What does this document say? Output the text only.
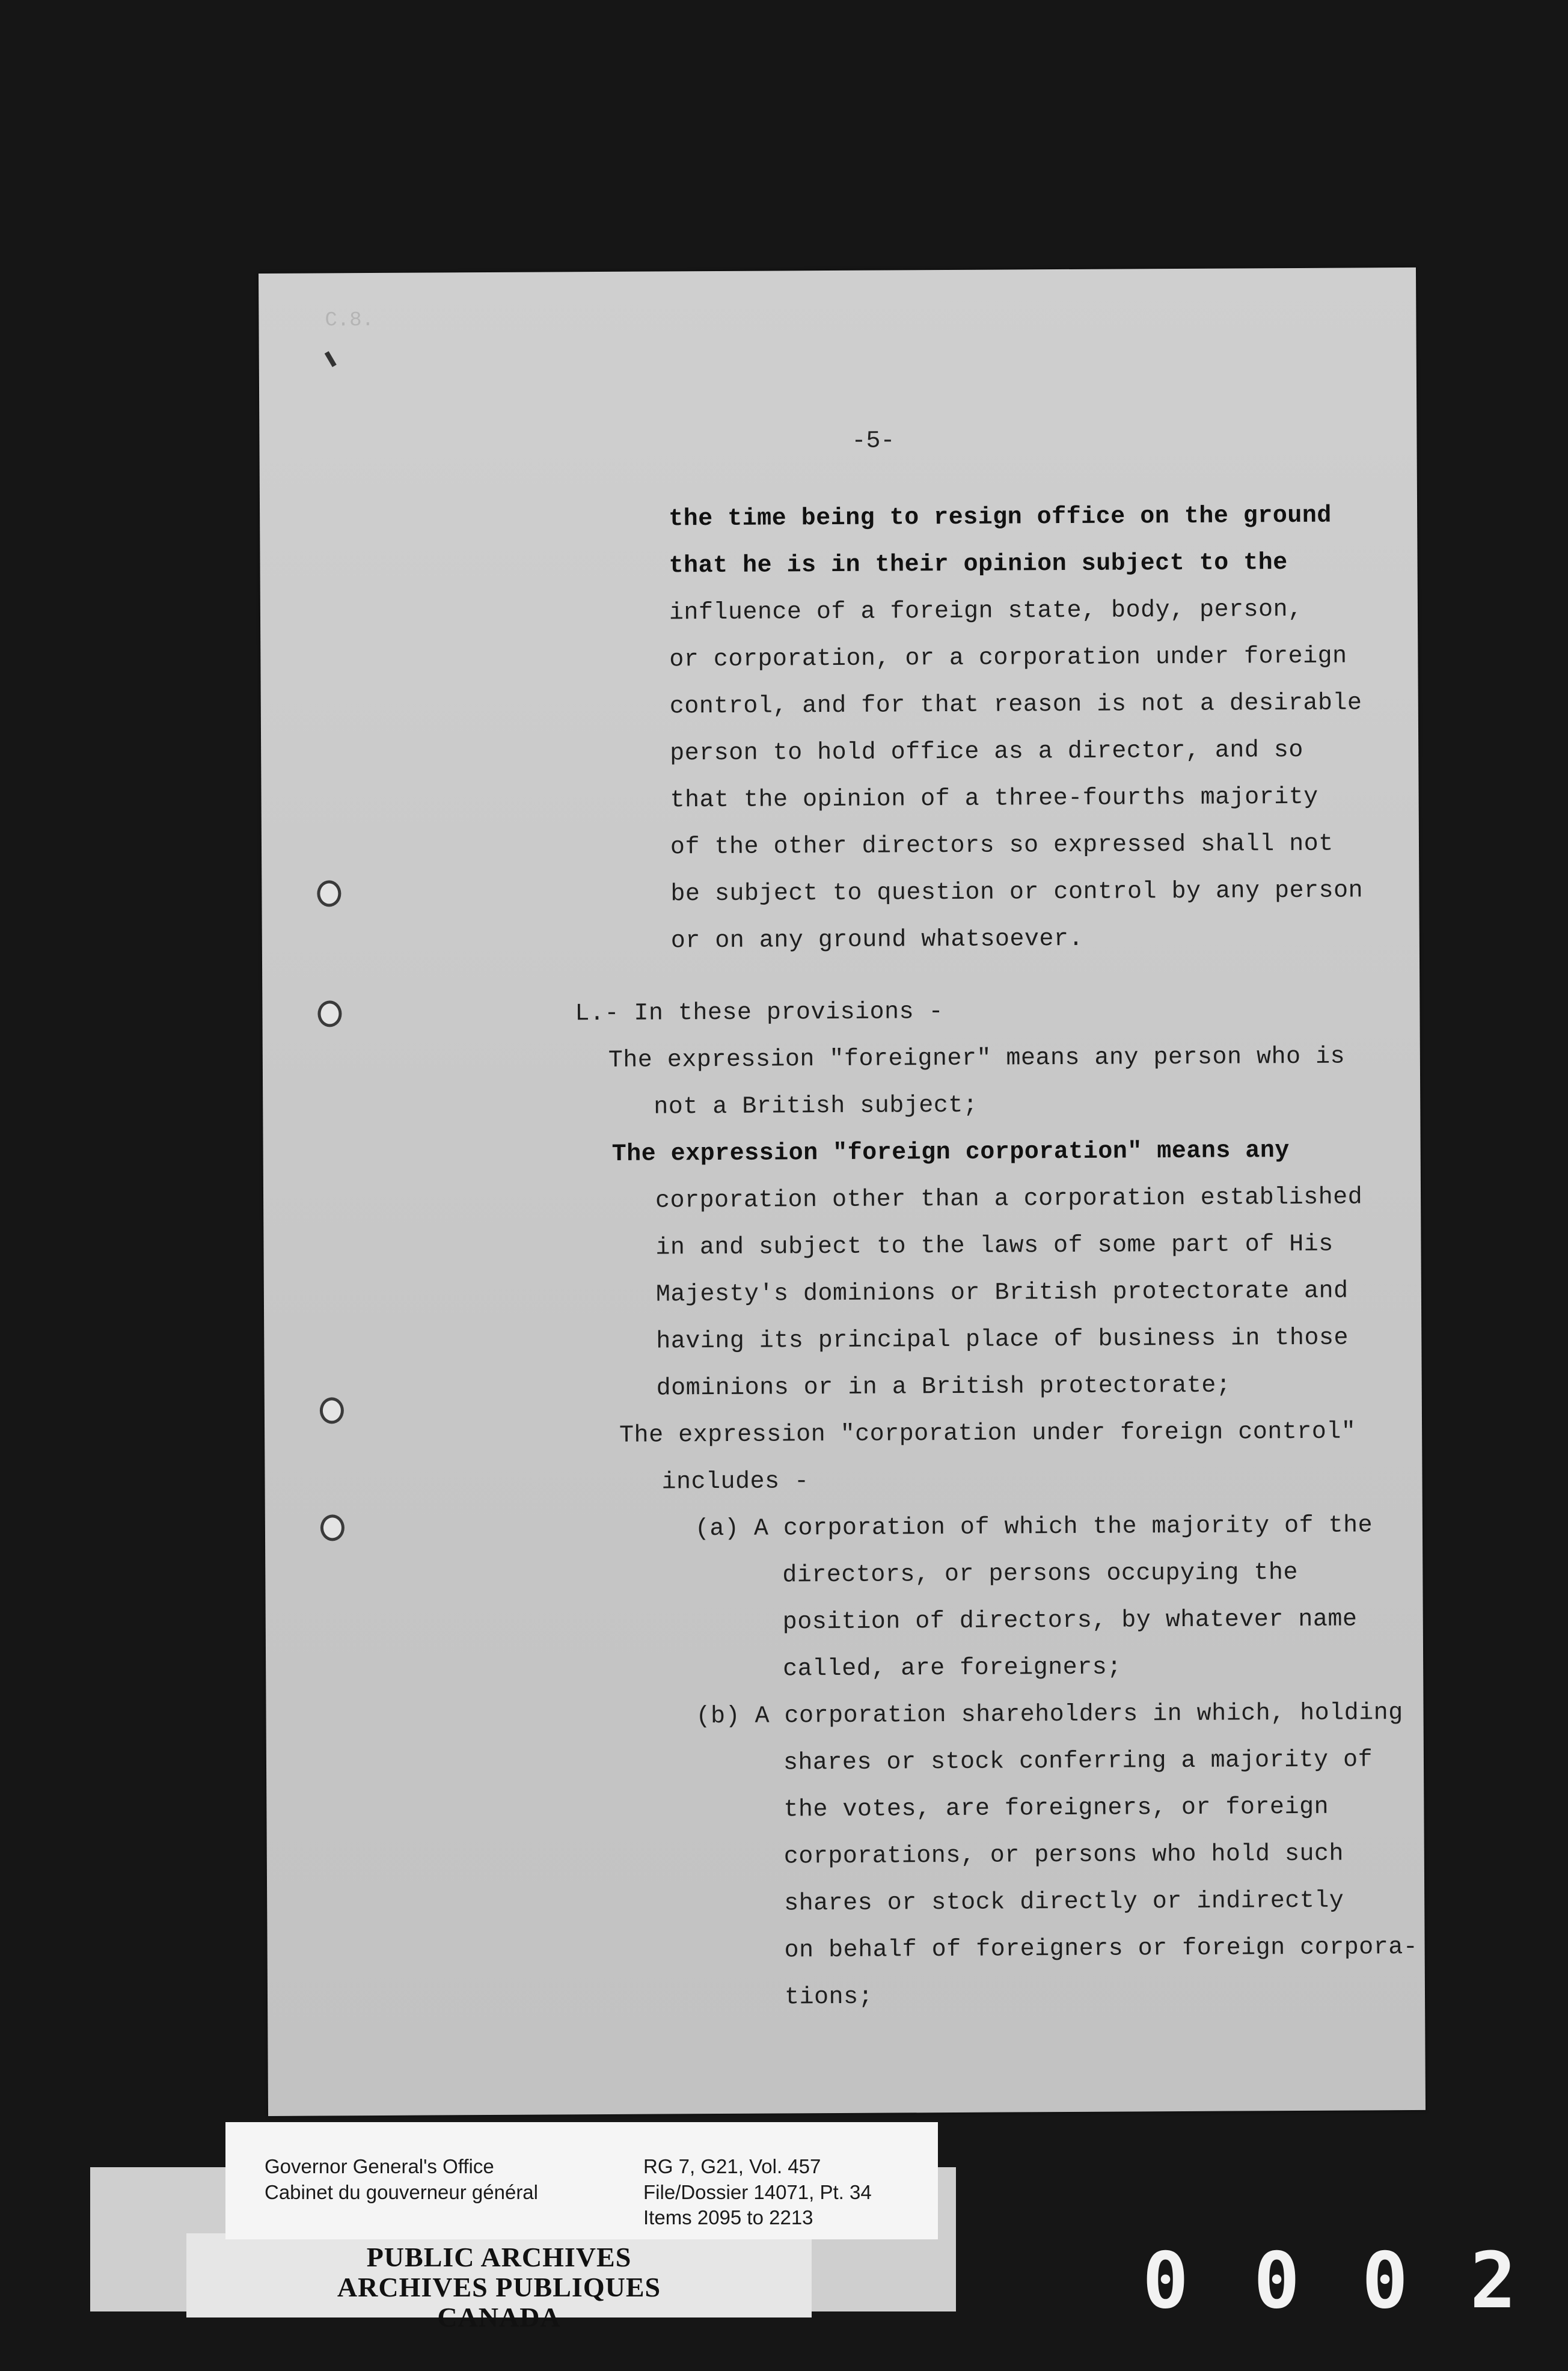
C.8.
-5-
the time being to resign office on the ground
that he is in their opinion subject to the
influence of a foreign state, body, person,
or corporation, or a corporation under foreign
control, and for that reason is not a desirable
person to hold office as a director, and so
that the opinion of a three-fourths majority
of the other directors so expressed shall not
be subject to question or control by any person
or on any ground whatsoever.
L.- In these provisions -
The expression "foreigner" means any person who is
not a British subject;
The expression "foreign corporation" means any
corporation other than a corporation established
in and subject to the laws of some part of His
Majesty's dominions or British protectorate and
having its principal place of business in those
dominions or in a British protectorate;
The expression "corporation under foreign control"
includes -
(a) A corporation of which the majority of the
directors, or persons occupying the
position of directors, by whatever name
called, are foreigners;
(b) A corporation shareholders in which, holding
shares or stock conferring a majority of
the votes, are foreigners, or foreign
corporations, or persons who hold such
shares or stock directly or indirectly
on behalf of foreigners or foreign corpora-
tions;
Governor General's Office
Cabinet du gouverneur général
RG 7, G21, Vol. 457
File/Dossier 14071, Pt. 34
Items 2095 to 2213
PUBLIC ARCHIVES
ARCHIVES PUBLIQUES
CANADA	0 0 0 2
